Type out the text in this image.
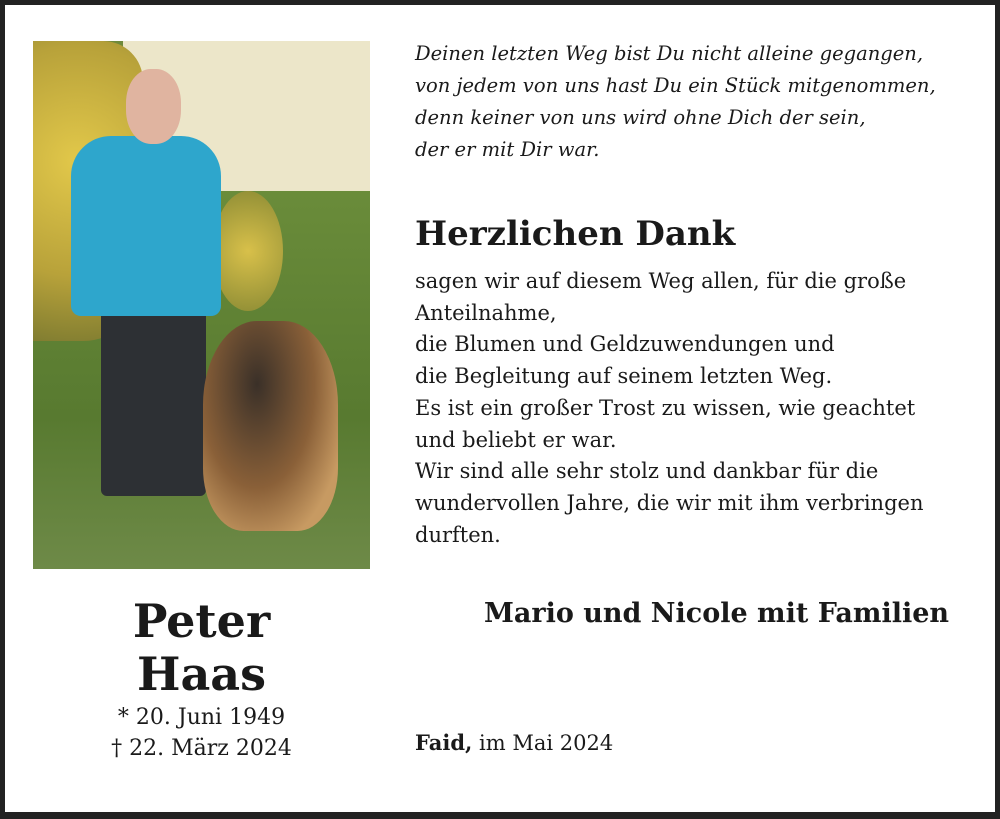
Deinen letzten Weg bist Du nicht alleine gegangen,
von jedem von uns hast Du ein Stück mitgenommen,
denn keiner von uns wird ohne Dich der sein,
der er mit Dir war.
Herzlichen Dank
sagen wir auf diesem Weg allen, für die große
Anteilnahme,
die Blumen und Geldzuwendungen und
die Begleitung auf seinem letzten Weg.
Es ist ein großer Trost zu wissen, wie geachtet
und beliebt er war.
Wir sind alle sehr stolz und dankbar für die
wundervollen Jahre, die wir mit ihm verbringen
durften.
Mario und Nicole mit Familien
Faid, im Mai 2024
Peter
Haas
* 20. Juni 1949
† 22. März 2024
